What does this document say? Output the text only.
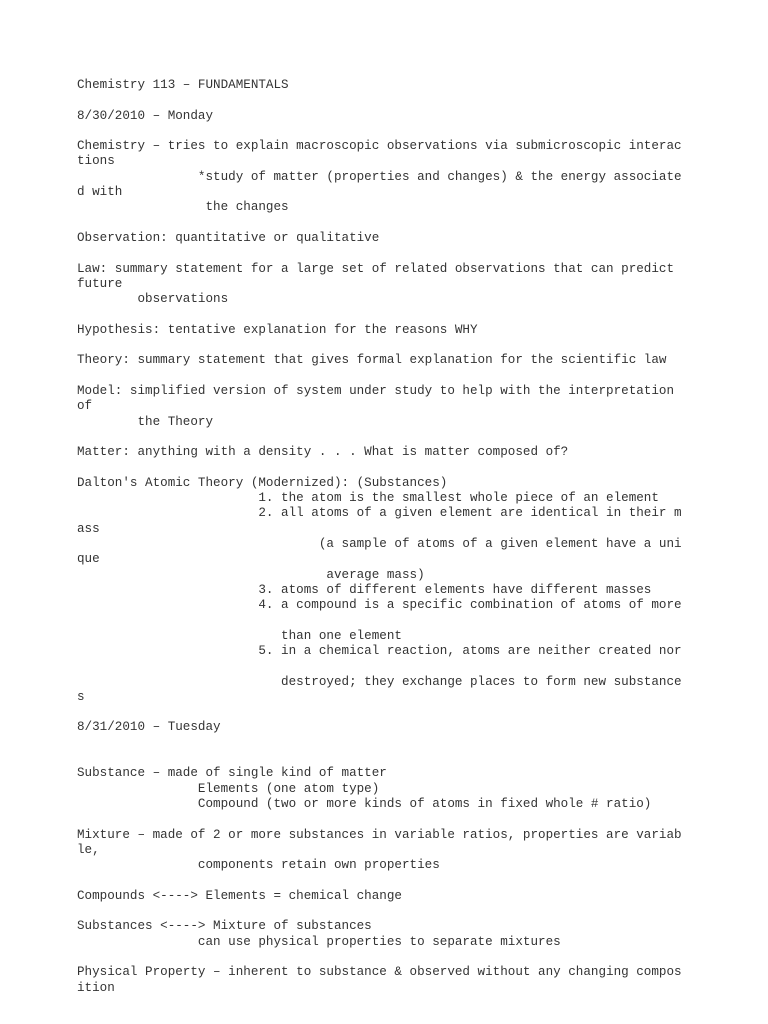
Chemistry 113 – FUNDAMENTALS
8/30/2010 – Monday
Chemistry – tries to explain macroscopic observations via submicroscopic interac
tions
*study of matter (properties and changes) & the energy associate
d with
the changes
Observation: quantitative or qualitative
Law: summary statement for a large set of related observations that can predict
future
observations
Hypothesis: tentative explanation for the reasons WHY
Theory: summary statement that gives formal explanation for the scientific law
Model: simplified version of system under study to help with the interpretation
of
the Theory
Matter: anything with a density . . . What is matter composed of?
Dalton's Atomic Theory (Modernized): (Substances)
1. the atom is the smallest whole piece of an element
2. all atoms of a given element are identical in their m
ass
(a sample of atoms of a given element have a uni
que
average mass)
3. atoms of different elements have different masses
4. a compound is a specific combination of atoms of more
than one element
5. in a chemical reaction, atoms are neither created nor
destroyed; they exchange places to form new substance
s
8/31/2010 – Tuesday
Substance – made of single kind of matter
Elements (one atom type)
Compound (two or more kinds of atoms in fixed whole # ratio)
Mixture – made of 2 or more substances in variable ratios, properties are variab
le,
components retain own properties
Compounds <----> Elements = chemical change
Substances <----> Mixture of substances
can use physical properties to separate mixtures
Physical Property – inherent to substance & observed without any changing compos
ition
